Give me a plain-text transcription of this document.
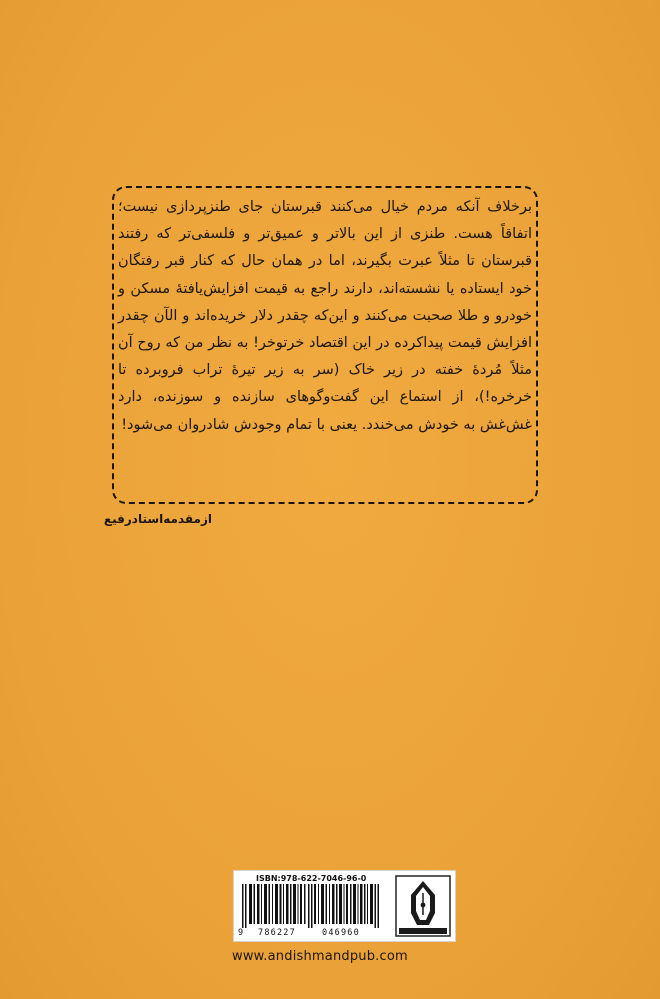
برخلاف آنکه مردم خیال می‌کنند قبرستان جای طنزپردازی نیست؛ اتفاقاً هست. طنزی از این بالاتر و عمیق‌تر و فلسفی‌تر که رفتند قبرستان تا مثلاً عبرت بگیرند، اما در همان حال که کنار قبر رفتگان خود ایستاده یا نشسته‌اند، دارند راجع به قیمت افزایش‌یافتهٔ مسکن و خودرو و طلا صحبت می‌کنند و این‌که چقدر دلار خریده‌اند و الآن چقدر افزایش قیمت پیداکرده در این اقتصاد خرتوخر! به نظر من که روح آن مثلاً مُردهٔ خفته در زیر خاک (سر به زیر تیرهٔ تراب فروبرده تا خرخره!)، از استماع این گفت‌وگوهای سازنده و سوزنده، دارد غش‌غش به خودش می‌خندد. یعنی با تمام وجودش شادروان می‌شود!

ازمقدمه‌استادرفیع
ISBN:978-622-7046-96-0
9 786227	046960
www.andishmandpub.com
